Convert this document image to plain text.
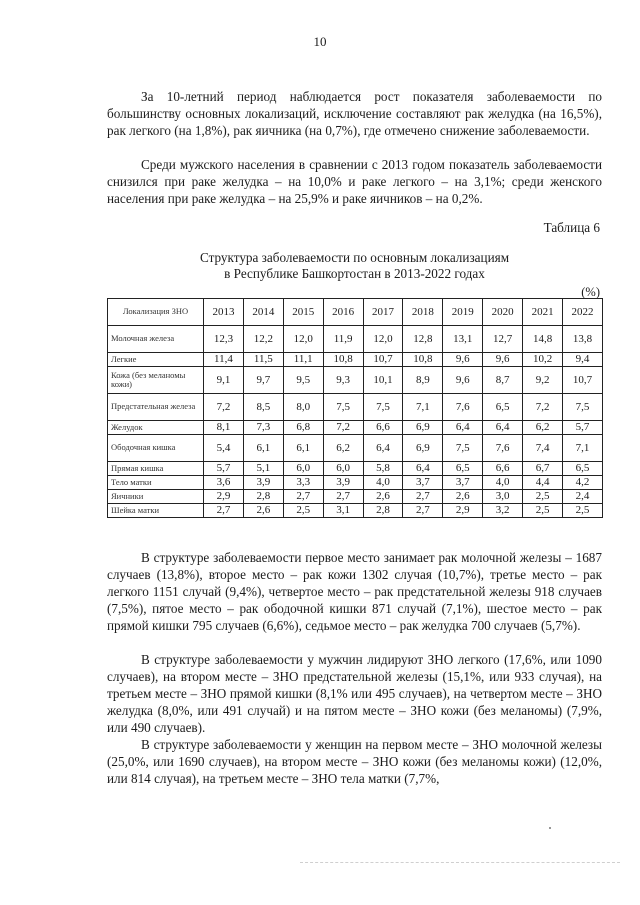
10

За 10-летний период наблюдается рост показателя заболеваемости по большинству основных локализаций, исключение составляют рак желудка (на 16,5%), рак легкого (на 1,8%), рак яичника (на 0,7%), где отмечено снижение заболеваемости.

Среди мужского населения в сравнении с 2013 годом показатель заболеваемости снизился при раке желудка – на 10,0% и раке легкого – на 3,1%; среди женского населения при раке желудка – на 25,9% и раке яичников – на 0,2%.

Таблица 6
Структура заболеваемости по основным локализациям
в Республике Башкортостан в 2013-2022 годах
(%)
Локализация ЗНО	2013	2014	2015	2016	2017	2018	2019	2020	2021	2022
Молочная железа	12,3	12,2	12,0	11,9	12,0	12,8	13,1	12,7	14,8	13,8
Легкие	11,4	11,5	11,1	10,8	10,7	10,8	9,6	9,6	10,2	9,4
Кожа (без меланомы кожи)	9,1	9,7	9,5	9,3	10,1	8,9	9,6	8,7	9,2	10,7
Предстательная железа	7,2	8,5	8,0	7,5	7,5	7,1	7,6	6,5	7,2	7,5
Желудок	8,1	7,3	6,8	7,2	6,6	6,9	6,4	6,4	6,2	5,7
Ободочная кишка	5,4	6,1	6,1	6,2	6,4	6,9	7,5	7,6	7,4	7,1
Прямая кишка	5,7	5,1	6,0	6,0	5,8	6,4	6,5	6,6	6,7	6,5
Тело матки	3,6	3,9	3,3	3,9	4,0	3,7	3,7	4,0	4,4	4,2
Яичники	2,9	2,8	2,7	2,7	2,6	2,7	2,6	3,0	2,5	2,4
Шейка матки	2,7	2,6	2,5	3,1	2,8	2,7	2,9	3,2	2,5	2,5

В структуре заболеваемости первое место занимает рак молочной железы – 1687 случаев (13,8%), второе место – рак кожи 1302 случая (10,7%), третье место – рак легкого 1151 случай (9,4%), четвертое место – рак предстательной железы 918 случаев (7,5%), пятое место – рак ободочной кишки 871 случай (7,1%), шестое место – рак прямой кишки 795 случаев (6,6%), седьмое место – рак желудка 700 случаев (5,7%).

В структуре заболеваемости у мужчин лидируют ЗНО легкого (17,6%, или 1090 случаев), на втором месте – ЗНО предстательной железы (15,1%, или 933 случая), на третьем месте – ЗНО прямой кишки (8,1% или 495 случаев), на четвертом месте – ЗНО желудка (8,0%, или 491 случай) и на пятом месте – ЗНО кожи (без меланомы) (7,9%, или 490 случаев).

В структуре заболеваемости у женщин на первом месте – ЗНО молочной железы (25,0%, или 1690 случаев), на втором месте – ЗНО кожи (без меланомы кожи) (12,0%, или 814 случая), на третьем месте – ЗНО тела матки (7,7%,
